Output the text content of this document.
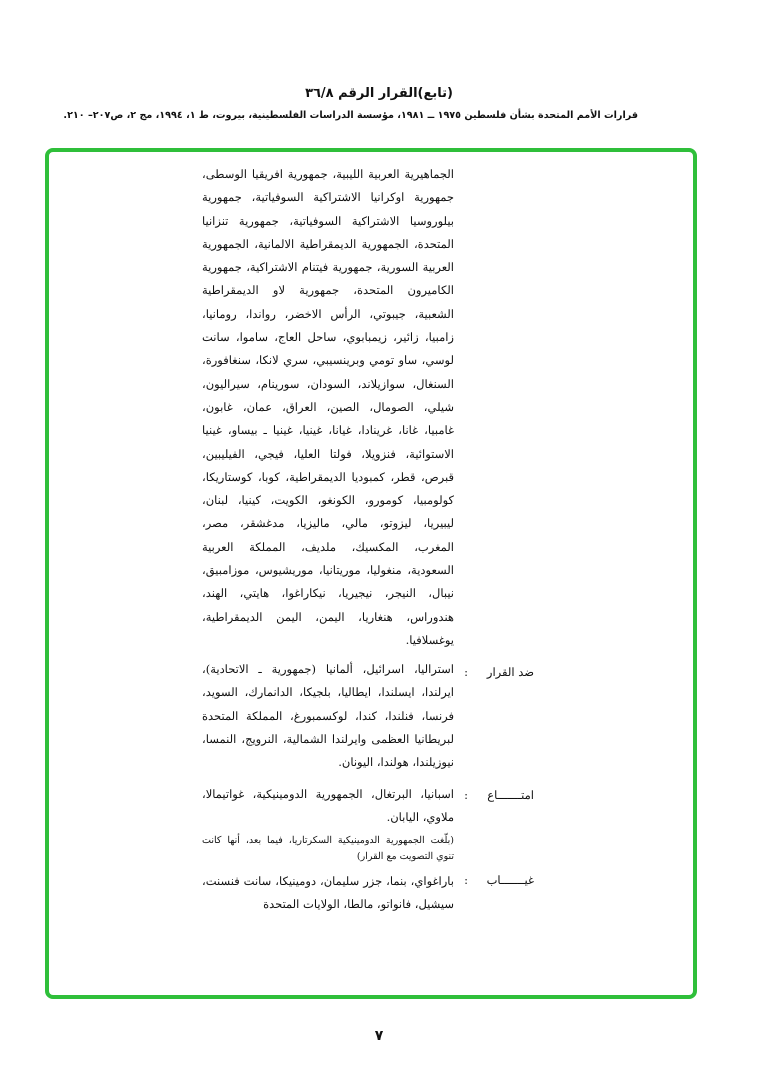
(تابع)القرار الرقم ٣٦/٨
قرارات الأمم المتحدة بشأن فلسطين ١٩٧٥ ــ ١٩٨١، مؤسسة الدراسات الفلسطينية، بيروت، ط ١، ١٩٩٤، مج ٢، ص٢٠٧– ٢١٠.
الجماهيرية العربية الليبية، جمهورية افريقيا الوسطى، جمهورية اوكرانيا الاشتراكية السوفياتية، جمهورية بيلوروسيا الاشتراكية السوفياتية، جمهورية تنزانيا المتحدة، الجمهورية الديمقراطية الالمانية، الجمهورية العربية السورية، جمهورية فيتنام الاشتراكية، جمهورية الكاميرون المتحدة، جمهورية لاو الديمقراطية الشعبية، جيبوتي، الرأس الاخضر، رواندا، رومانيا، زامبيا، زائير، زيمبابوي، ساحل العاج، ساموا، سانت لوسي، ساو تومي وبرينسيبي، سري لانكا، سنغافورة، السنغال، سوازيلاند، السودان، سورينام، سيراليون، شيلي، الصومال، الصين، العراق، عمان، غابون، غامبيا، غانا، غرينادا، غيانا، غينيا، غينيا ـ بيساو، غينيا الاستوائية، فنزويلا، فولتا العليا، فيجي، الفيليبين، قبرص، قطر، كمبوديا الديمقراطية، كوبا، كوستاريكا، كولومبيا، كومورو، الكونغو، الكويت، كينيا، لبنان، ليبيريا، ليزوتو، مالي، ماليزيا، مدغشقر، مصر، المغرب، المكسيك، ملديف، المملكة العربية السعودية، منغوليا، موريتانيا، موريشيوس، موزامبيق، نيبال، النيجر، نيجيريا، نيكاراغوا، هايتي، الهند، هندوراس، هنغاريا، اليمن، اليمن الديمقراطية، يوغسلافيا.
ضد القرار
:
استراليا، اسرائيل، ألمانيا (جمهورية ـ الاتحادية)، ايرلندا، ايسلندا، ايطاليا، بلجيكا، الدانمارك، السويد، فرنسا، فنلندا، كندا، لوكسمبورغ، المملكة المتحدة لبريطانيا العظمى وايرلندا الشمالية، النرويج، النمسا، نيوزيلندا، هولندا، اليونان.
امتـــــــاع
:
اسبانيا، البرتغال، الجمهورية الدومينيكية، غواتيمالا، ملاوي، اليابان.
(بلّغت الجمهورية الدومينيكية السكرتاريا، فيما بعد، أنها كانت تنوي التصويت مع القرار)
غيـــــــاب
:
باراغواي، بنما، جزر سليمان، دومينيكا، سانت فنسنت، سيشيل، فانواتو، مالطا، الولايات المتحدة
٧
